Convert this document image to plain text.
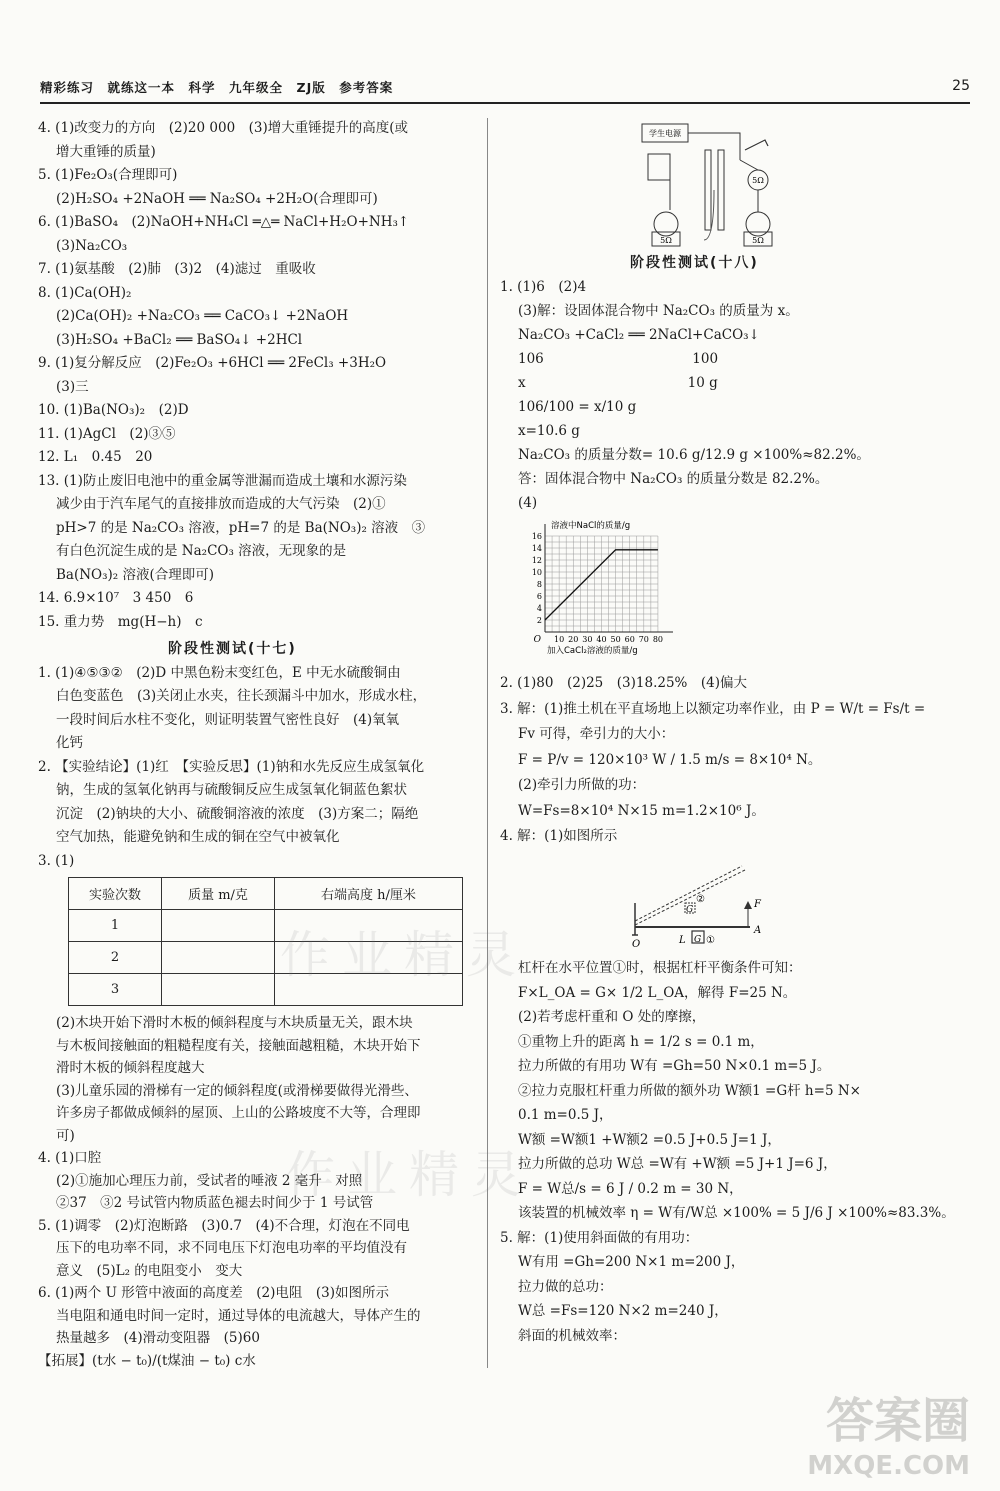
精彩练习　就练这一本　科学　九年级全　ZJ版　参考答案	25
4. (1)改变力的方向　(2)20 000　(3)增大重锤提升的高度(或
增大重锤的质量)
5. (1)Fe₂O₃(合理即可)
(2)H₂SO₄ +2NaOH ══ Na₂SO₄ +2H₂O(合理即可)
6. (1)BaSO₄　(2)NaOH+NH₄Cl ═△═ NaCl+H₂O+NH₃↑
(3)Na₂CO₃
7. (1)氨基酸　(2)肺　(3)2　(4)滤过　重吸收
8. (1)Ca(OH)₂
(2)Ca(OH)₂ +Na₂CO₃ ══ CaCO₃↓ +2NaOH
(3)H₂SO₄ +BaCl₂ ══ BaSO₄↓ +2HCl
9. (1)复分解反应　(2)Fe₂O₃ +6HCl ══ 2FeCl₃ +3H₂O
(3)三
10. (1)Ba(NO₃)₂　(2)D
11. (1)AgCl　(2)③⑤
12. L₁　0.45　20
13. (1)防止废旧电池中的重金属等泄漏而造成土壤和水源污染
减少由于汽车尾气的直接排放而造成的大气污染　(2)①
pH>7 的是 Na₂CO₃ 溶液，pH=7 的是 Ba(NO₃)₂ 溶液　③
有白色沉淀生成的是 Na₂CO₃ 溶液，无现象的是
Ba(NO₃)₂ 溶液(合理即可)
14. 6.9×10⁷　3 450　6
15. 重力势　mg(H−h)　c
阶段性测试(十七)
1. (1)④⑤③②　(2)D 中黑色粉末变红色，E 中无水硫酸铜由
白色变蓝色　(3)关闭止水夹，往长颈漏斗中加水，形成水柱，
一段时间后水柱不变化，则证明装置气密性良好　(4)氧氧
化钙
2. 【实验结论】(1)红　【实验反思】(1)钠和水先反应生成氢氧化
钠，生成的氢氧化钠再与硫酸铜反应生成氢氧化铜蓝色絮状
沉淀　(2)钠块的大小、硫酸铜溶液的浓度　(3)方案二；隔绝
空气加热，能避免钠和生成的铜在空气中被氧化
3. (1)
(2)木块开始下滑时木板的倾斜程度与木块质量无关，跟木块
与木板间接触面的粗糙程度有关，接触面越粗糙，木块开始下
滑时木板的倾斜程度越大
(3)儿童乐园的滑梯有一定的倾斜程度(或滑梯要做得光滑些、
许多房子都做成倾斜的屋顶、上山的公路坡度不大等，合理即
可)
4. (1)口腔
(2)①施加心理压力前，受试者的唾液 2 毫升　对照
②37　③2 号试管内物质蓝色褪去时间少于 1 号试管
5. (1)调零　(2)灯泡断路　(3)0.7　(4)不合理，灯泡在不同电
压下的电功率不同，求不同电压下灯泡电功率的平均值没有
意义　(5)L₂ 的电阻变小　变大
6. (1)两个 U 形管中液面的高度差　(2)电阻　(3)如图所示
当电阻和通电时间一定时，通过导体的电流越大，导体产生的
热量越多　(4)滑动变阻器　(5)60
【拓展】(t水 − t₀)/(t煤油 − t₀) c水
实验次数	质量 m/克	右端高度 h/厘米
1		
2		
3		
阶段性测试(十八)
1. (1)6　(2)4
(3)解：设固体混合物中 Na₂CO₃ 的质量为 x。
Na₂CO₃ +CaCl₂ ══ 2NaCl+CaCO₃↓
106　　　　　　　　　　　100
x　　　　　　　　　　　　10 g
106/100 = x/10 g
x=10.6 g
Na₂CO₃ 的质量分数= 10.6 g/12.9 g ×100%≈82.2%。
答：固体混合物中 Na₂CO₃ 的质量分数是 82.2%。
(4)
2. (1)80　(2)25　(3)18.25%　(4)偏大
3. 解：(1)推土机在平直场地上以额定功率作业，由 P = W/t = Fs/t =
Fv 可得，牵引力的大小：
F = P/v = 120×10³ W / 1.5 m/s = 8×10⁴ N。
(2)牵引力所做的功：
W=Fs=8×10⁴ N×15 m=1.2×10⁶ J。
4. 解：(1)如图所示
杠杆在水平位置①时，根据杠杆平衡条件可知：
F×L_OA = G× 1/2 L_OA，解得 F=25 N。
(2)若考虑杆重和 O 处的摩擦，
①重物上升的距离 h = 1/2 s = 0.1 m，
拉力所做的有用功 W有 =Gh=50 N×0.1 m=5 J。
②拉力克服杠杆重力所做的额外功 W额1 =G杆 h=5 N×
0.1 m=0.5 J，
W额 =W额1 +W额2 =0.5 J+0.5 J=1 J，
拉力所做的总功 W总 =W有 +W额 =5 J+1 J=6 J，
F = W总/s = 6 J / 0.2 m = 30 N，
该装置的机械效率 η = W有/W总 ×100% = 5 J/6 J ×100%≈83.3%。
5. 解：(1)使用斜面做的有用功：
W有用 =Gh=200 N×1 m=200 J，
拉力做的总功：
W总 =Fs=120 N×2 m=240 J，
斜面的机械效率：
学生电源
5Ω
5Ω	5Ω
10 20 30 40 50 60 70 80
2
4
6
8
10
12
14
16
O
溶液中NaCl的质量/g
加入CaCl₂溶液的质量/g
O	L G ①
②	F
A
G
作业精灵
作业精灵
答案圈
MXQE.COM
